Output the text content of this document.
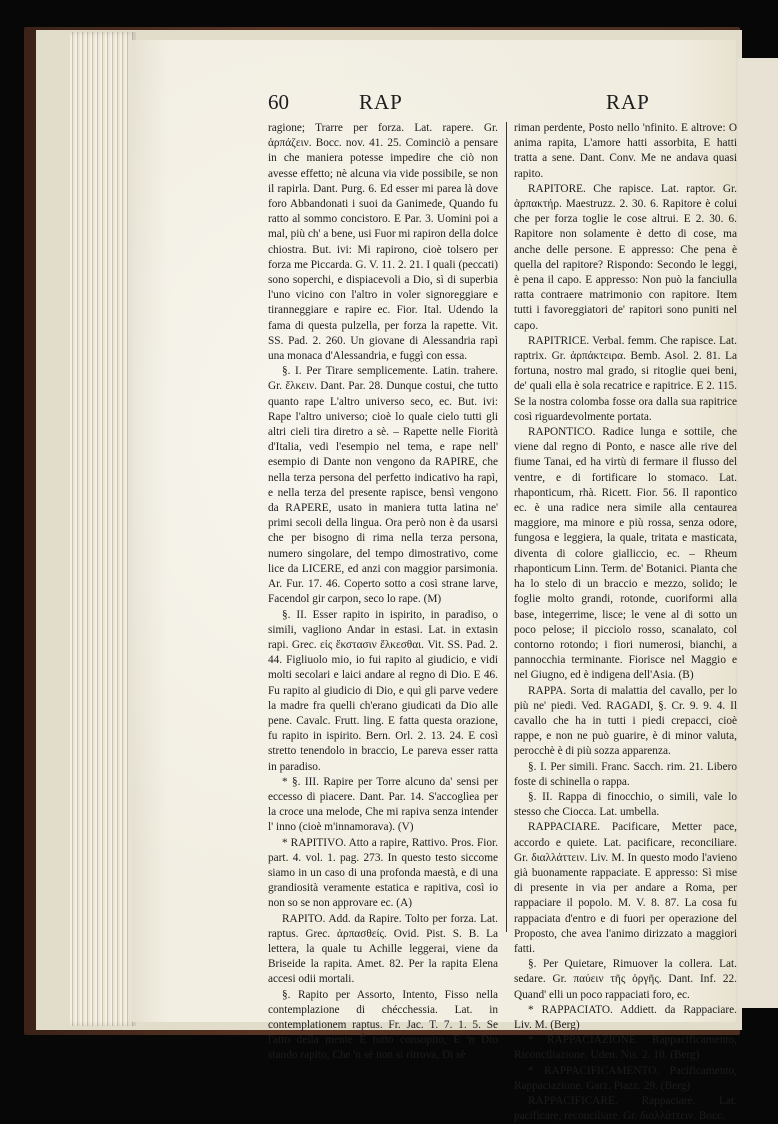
60	RAP	RAP

ragione; Trarre per forza. Lat. rapere. Gr. ἁρπάζειν. Bocc. nov. 41. 25. Cominciò a pensare in che maniera potesse impedire che ciò non avesse effetto; nè alcuna via vide possibile, se non il rapirla. Dant. Purg. 6. Ed esser mi parea là dove foro Abbandonati i suoi da Ganimede, Quando fu ratto al sommo concistoro. E Par. 3. Uomini poi a mal, più ch' a bene, usi Fuor mi rapiron della dolce chiostra. But. ivi: Mi rapirono, cioè tolsero per forza me Piccarda. G. V. 11. 2. 21. I quali (peccati) sono soperchi, e dispiacevoli a Dio, sì di superbia l'uno vicino con l'altro in voler signoreggiare e tiranneggiare e rapire ec. Fior. Ital. Udendo la fama di questa pulzella, per forza la rapette. Vit. SS. Pad. 2. 260. Un giovane di Alessandria rapì una monaca d'Alessandria, e fuggì con essa.

§. I. Per Tirare semplicemente. Latin. trahere. Gr. ἕλκειν. Dant. Par. 28. Dunque costui, che tutto quanto rape L'altro universo seco, ec. But. ivi: Rape l'altro universo; cioè lo quale cielo tutti gli altri cieli tira diretro a sè. – Rapette nelle Fiorità d'Italia, vedi l'esempio nel tema, e rape nell' esempio di Dante non vengono da RAPIRE, che nella terza persona del perfetto indicativo ha rapì, e nella terza del presente rapisce, bensì vengono da RAPERE, usato in maniera tutta latina ne' primi secoli della lingua. Ora però non è da usarsi che per bisogno di rima nella terza persona, numero singolare, del tempo dimostrativo, come lice da LICERE, ed anzi con maggior parsimonia. Ar. Fur. 17. 46. Coperto sotto a così strane larve, Facendol gir carpon, seco lo rape. (M)

§. II. Esser rapito in ispirito, in paradiso, o simili, vagliono Andar in estasi. Lat. in extasin rapi. Grec. εἰς ἔκστασιν ἕλκεσθαι. Vit. SS. Pad. 2. 44. Figliuolo mio, io fui rapito al giudicio, e vidi molti secolari e laici andare al regno di Dio. E 46. Fu rapito al giudicio di Dio, e quì gli parve vedere la madre fra quelli ch'erano giudicati da Dio alle pene. Cavalc. Frutt. ling. E fatta questa orazione, fu rapito in ispirito. Bern. Orl. 2. 13. 24. E così stretto tenendolo in braccio, Le pareva esser ratta in paradiso.

* §. III. Rapire per Torre alcuno da' sensi per eccesso di piacere. Dant. Par. 14. S'accoglìea per la croce una melode, Che mi rapiva senza intender l' inno (cioè m'innamorava). (V)

* RAPITIVO. Atto a rapire, Rattivo. Pros. Fior. part. 4. vol. 1. pag. 273. In questo testo siccome siamo in un caso di una profonda maestà, e di una grandiosità veramente estatica e rapitiva, così io non so se non approvare ec. (A)

RAPITO. Add. da Rapire. Tolto per forza. Lat. raptus. Grec. ἁρπασθείς. Ovid. Pist. S. B. La lettera, la quale tu Achille leggerai, viene da Briseide la rapita. Amet. 82. Per la rapita Elena accesi odii mortali.

§. Rapito per Assorto, Intento, Fisso nella contemplazione di chécchessia. Lat. in contemplationem raptus. Fr. Jac. T. 7. 1. 5. Se l'atto della mente È tutto consopito, E 'n Dio stando rapito, Che 'n sè non si ritrova, Di sè

riman perdente, Posto nello 'nfinito. E altrove: O anima rapita, L'amore hatti assorbita, E hatti tratta a sene. Dant. Conv. Me ne andava quasi rapito.

RAPITORE. Che rapisce. Lat. raptor. Gr. ἁρπακτήρ. Maestruzz. 2. 30. 6. Rapitore è colui che per forza toglie le cose altrui. E 2. 30. 6. Rapitore non solamente è detto di cose, ma anche delle persone. E appresso: Che pena è quella del rapitore? Rispondo: Secondo le leggi, è pena il capo. E appresso: Non può la fanciulla ratta contraere matrimonio con rapitore. Item tutti i favoreggiatori de' rapitori sono puniti nel capo.

RAPITRICE. Verbal. femm. Che rapisce. Lat. raptrix. Gr. ἁρπάκτειρα. Bemb. Asol. 2. 81. La fortuna, nostro mal grado, si ritoglie quei beni, de' quali ella è sola recatrice e rapitrice. E 2. 115. Se la nostra colomba fosse ora dalla sua rapitrice così riguardevolmente portata.

RAPONTICO. Radice lunga e sottile, che viene dal regno di Ponto, e nasce alle rive del fiume Tanai, ed ha virtù di fermare il flusso del ventre, e di fortificare lo stomaco. Lat. rhaponticum, rhà. Ricett. Fior. 56. Il rapontico ec. è una radice nera simile alla centaurea maggiore, ma minore e più rossa, senza odore, fungosa e leggiera, la quale, tritata e masticata, diventa di colore gialliccio, ec. – Rheum rhaponticum Linn. Term. de' Botanici. Pianta che ha lo stelo di un braccio e mezzo, solido; le foglie molto grandi, rotonde, cuoriformi alla base, integerrime, lisce; le vene al di sotto un poco pelose; il picciolo rosso, scanalato, col contorno rotondo; i fiori numerosi, bianchi, a pannocchia terminante. Fiorisce nel Maggio e nel Giugno, ed è indigena dell'Asia. (B)

RAPPA. Sorta di malattia del cavallo, per lo più ne' piedi. Ved. RAGADI, §. Cr. 9. 9. 4. Il cavallo che ha in tutti i piedi crepacci, cioè rappe, e non ne può guarire, è di minor valuta, perocchè è di più sozza apparenza.

§. I. Per simili. Franc. Sacch. rim. 21. Libero foste di schinella o rappa.

§. II. Rappa di finocchio, o simili, vale lo stesso che Ciocca. Lat. umbella.

RAPPACIARE. Pacificare, Metter pace, accordo e quiete. Lat. pacificare, reconciliare. Gr. διαλλάττειν. Liv. M. In questo modo l'avieno già buonamente rappaciate. E appresso: Sì mise di presente in via per andare a Roma, per rappaciare il popolo. M. V. 8. 87. La cosa fu rappaciata d'entro e di fuori per operazione del Proposto, che avea l'animo dirizzato a maggiori fatti.

§. Per Quietare, Rimuover la collera. Lat. sedare. Gr. παύειν τῆς ὀργῆς. Dant. Inf. 22. Quand' elli un poco rappaciati foro, ec.

* RAPPACIATO. Addiett. da Rappaciare. Liv. M. (Berg)

* RAPPACIAZIONE. Rappacificamento, Riconciliazione. Uden. Nis. 2. 10. (Berg)

* RAPPACIFICAMENTO. Pacificamento, Rappaciazione. Garz. Piazz. 29. (Berg)

RAPPACIFICARE. Rappaciare. Lat. pacificare, reconciliare. Gr. διαλλάττειν. Bocc.
